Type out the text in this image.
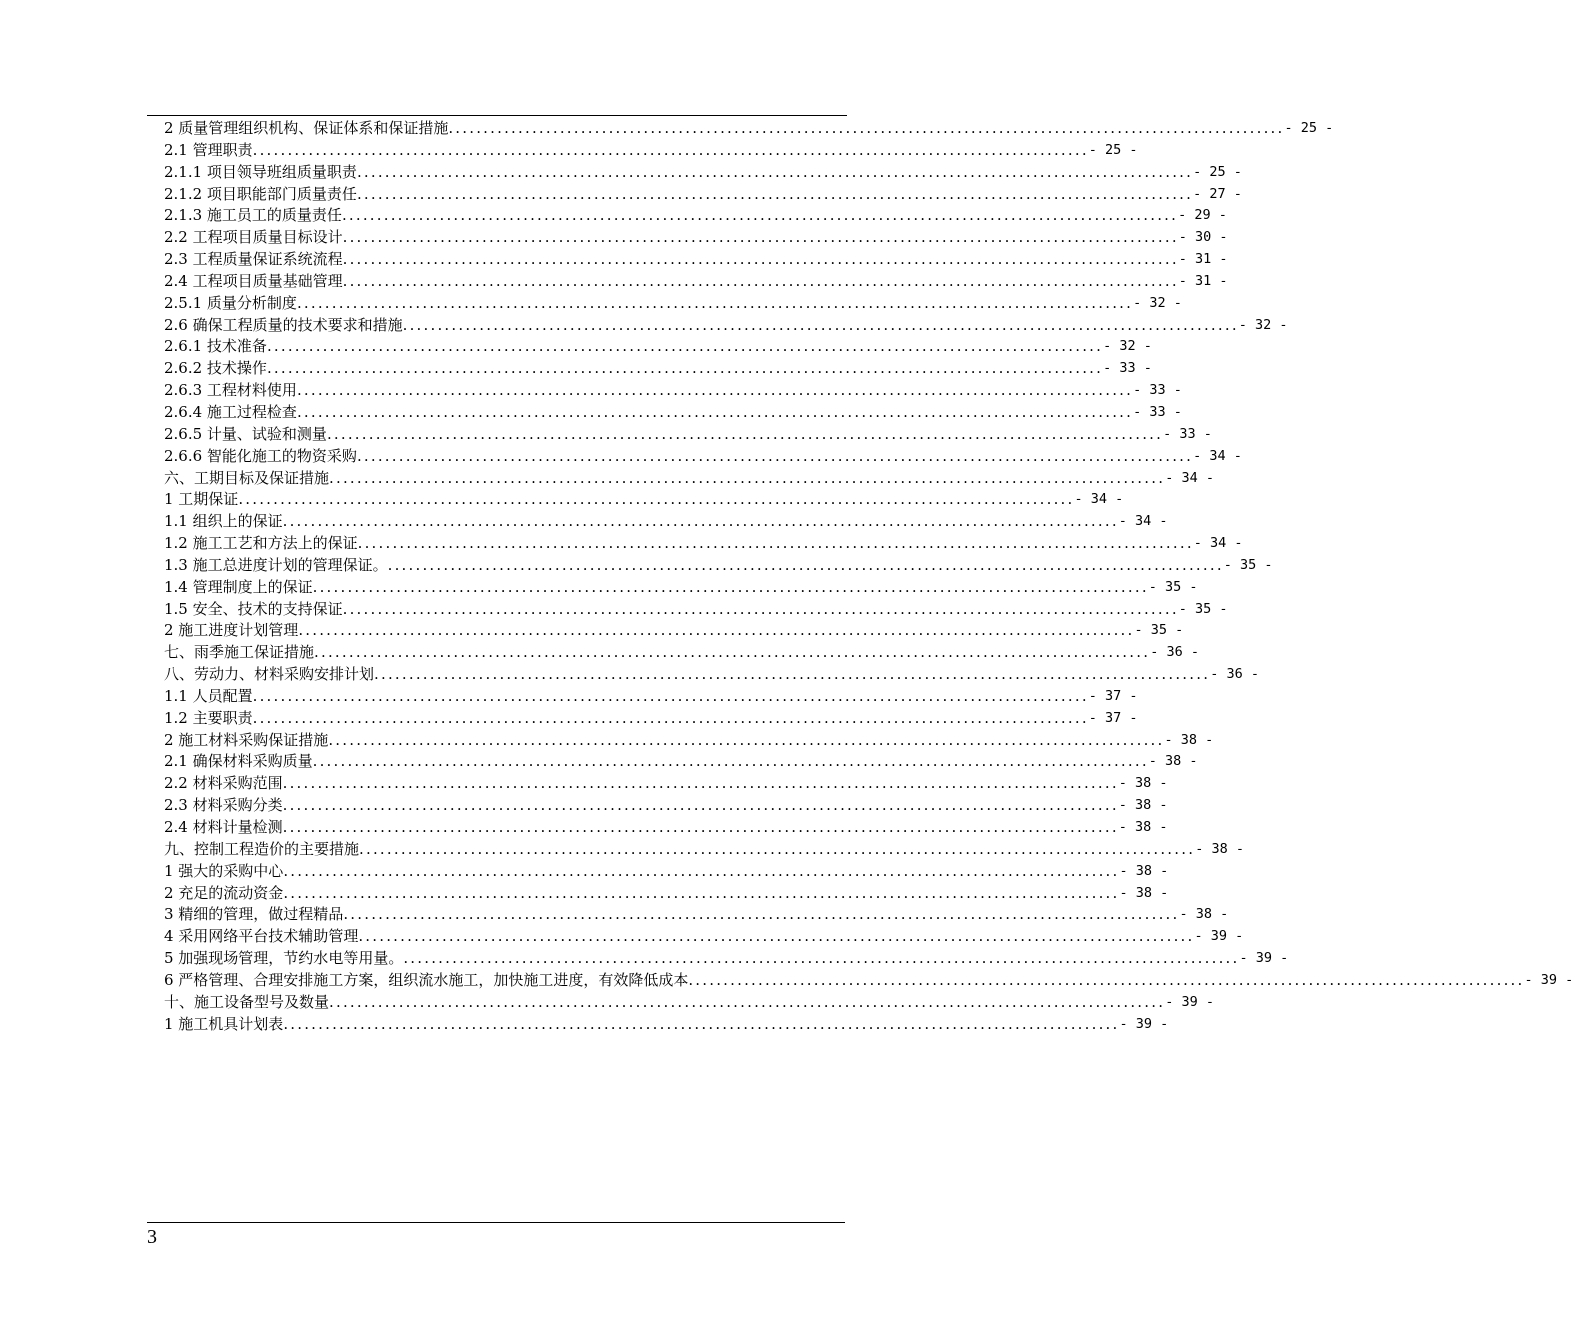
2 质量管理组织机构、保证体系和保证措施 ........................................................................................................................ - 25 -
2.1 管理职责 ........................................................................................................................ - 25 -
2.1.1 项目领导班组质量职责 ........................................................................................................................ - 25 -
2.1.2 项目职能部门质量责任 ........................................................................................................................ - 27 -
2.1.3 施工员工的质量责任 ........................................................................................................................ - 29 -
2.2 工程项目质量目标设计 ........................................................................................................................ - 30 -
2.3 工程质量保证系统流程 ........................................................................................................................ - 31 -
2.4 工程项目质量基础管理 ........................................................................................................................ - 31 -
2.5.1 质量分析制度 ........................................................................................................................ - 32 -
2.6 确保工程质量的技术要求和措施 ........................................................................................................................ - 32 -
2.6.1 技术准备 ........................................................................................................................ - 32 -
2.6.2 技术操作 ........................................................................................................................ - 33 -
2.6.3 工程材料使用 ........................................................................................................................ - 33 -
2.6.4 施工过程检查 ........................................................................................................................ - 33 -
2.6.5 计量、试验和测量 ........................................................................................................................ - 33 -
2.6.6 智能化施工的物资采购 ........................................................................................................................ - 34 -
六、工期目标及保证措施 ........................................................................................................................ - 34 -
1 工期保证 ........................................................................................................................ - 34 -
1.1 组织上的保证 ........................................................................................................................ - 34 -
1.2 施工工艺和方法上的保证 ........................................................................................................................ - 34 -
1.3 施工总进度计划的管理保证。 ........................................................................................................................ - 35 -
1.4 管理制度上的保证 ........................................................................................................................ - 35 -
1.5 安全、技术的支持保证 ........................................................................................................................ - 35 -
2 施工进度计划管理 ........................................................................................................................ - 35 -
七、雨季施工保证措施 ........................................................................................................................ - 36 -
八、劳动力、材料采购安排计划 ........................................................................................................................ - 36 -
1.1 人员配置 ........................................................................................................................ - 37 -
1.2 主要职责 ........................................................................................................................ - 37 -
2 施工材料采购保证措施 ........................................................................................................................ - 38 -
2.1 确保材料采购质量 ........................................................................................................................ - 38 -
2.2 材料采购范围 ........................................................................................................................ - 38 -
2.3 材料采购分类 ........................................................................................................................ - 38 -
2.4 材料计量检测 ........................................................................................................................ - 38 -
九、控制工程造价的主要措施 ........................................................................................................................ - 38 -
1 强大的采购中心 ........................................................................................................................ - 38 -
2 充足的流动资金 ........................................................................................................................ - 38 -
3 精细的管理，做过程精品 ........................................................................................................................ - 38 -
4 采用网络平台技术辅助管理 ........................................................................................................................ - 39 -
5 加强现场管理，节约水电等用量。 ........................................................................................................................ - 39 -
6 严格管理、合理安排施工方案，组织流水施工，加快施工进度，有效降低成本 ........................................................................................................................ - 39 -
十、施工设备型号及数量 ........................................................................................................................ - 39 -
1 施工机具计划表 ........................................................................................................................ - 39 -
3
